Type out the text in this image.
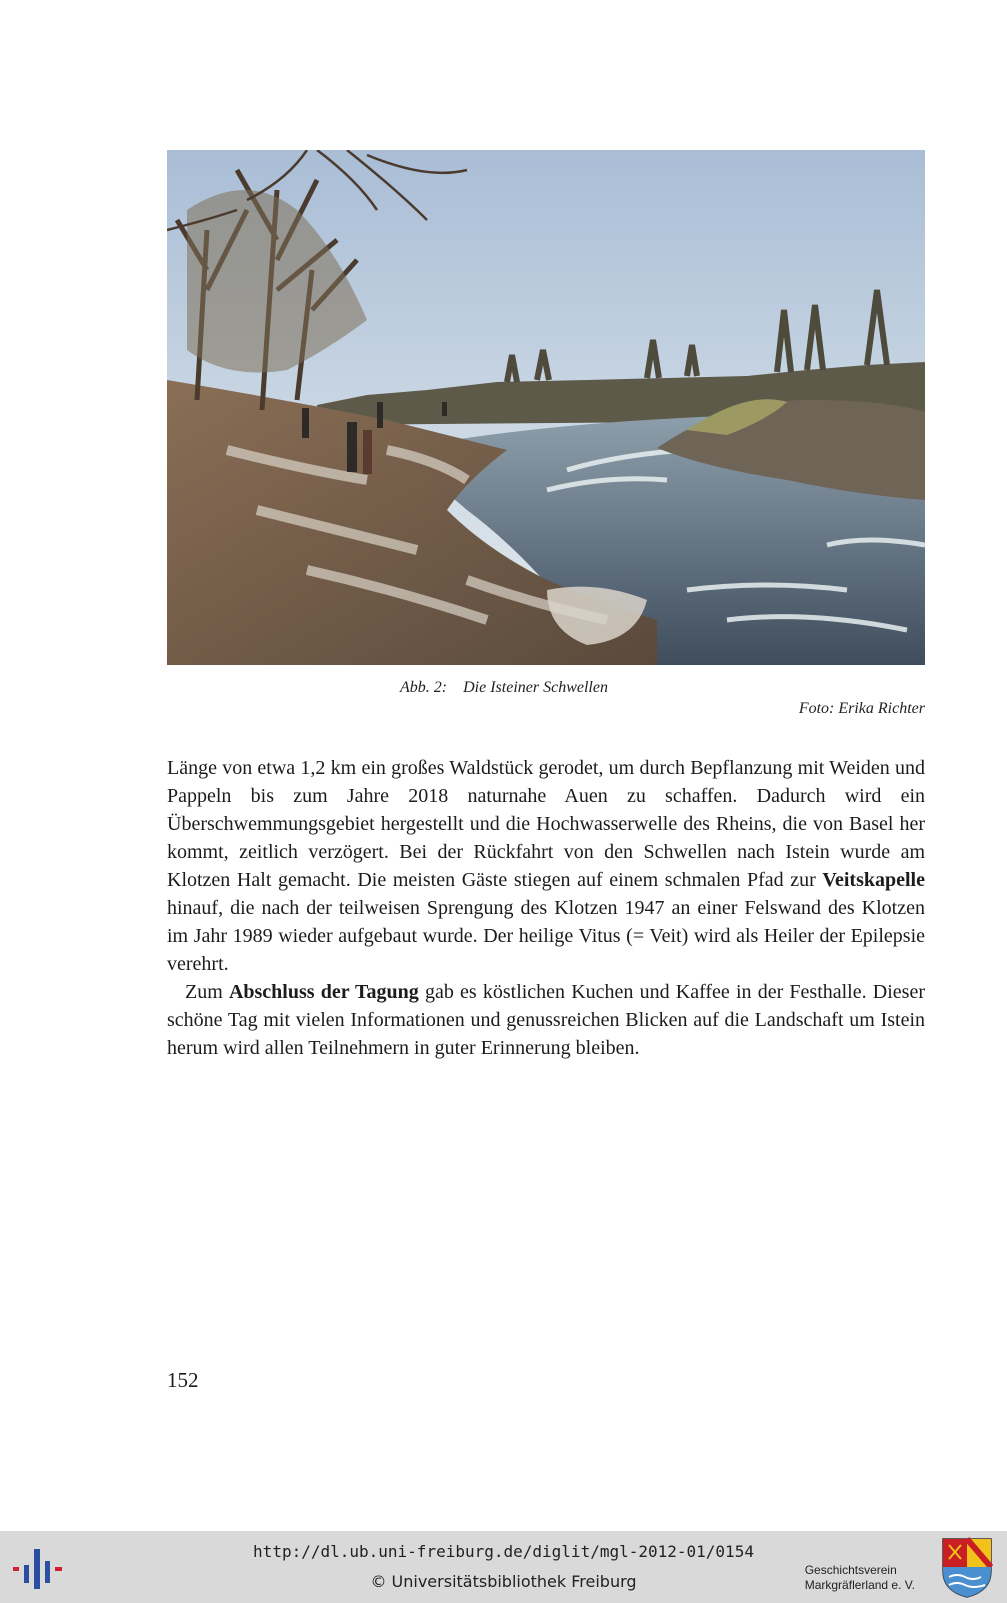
Abb. 2: Die Isteiner Schwellen
Foto: Erika Richter

Länge von etwa 1,2 km ein großes Waldstück gerodet, um durch Bepflanzung mit Weiden und Pappeln bis zum Jahre 2018 naturnahe Auen zu schaffen. Dadurch wird ein Überschwemmungsgebiet hergestellt und die Hochwasserwelle des Rheins, die von Basel her kommt, zeitlich verzögert. Bei der Rückfahrt von den Schwellen nach Istein wurde am Klotzen Halt gemacht. Die meisten Gäste stiegen auf einem schmalen Pfad zur Veitskapelle hinauf, die nach der teilweisen Sprengung des Klotzen 1947 an einer Felswand des Klotzen im Jahr 1989 wieder aufgebaut wurde. Der heilige Vitus (= Veit) wird als Heiler der Epilepsie verehrt.

Zum Abschluss der Tagung gab es köstlichen Kuchen und Kaffee in der Festhalle. Dieser schöne Tag mit vielen Informationen und genussreichen Blicken auf die Landschaft um Istein herum wird allen Teilnehmern in guter Erinnerung bleiben.

152
http://dl.ub.uni-freiburg.de/diglit/mgl-2012-01/0154
© Universitätsbibliothek Freiburg
Geschichtsverein
Markgräflerland e. V.
